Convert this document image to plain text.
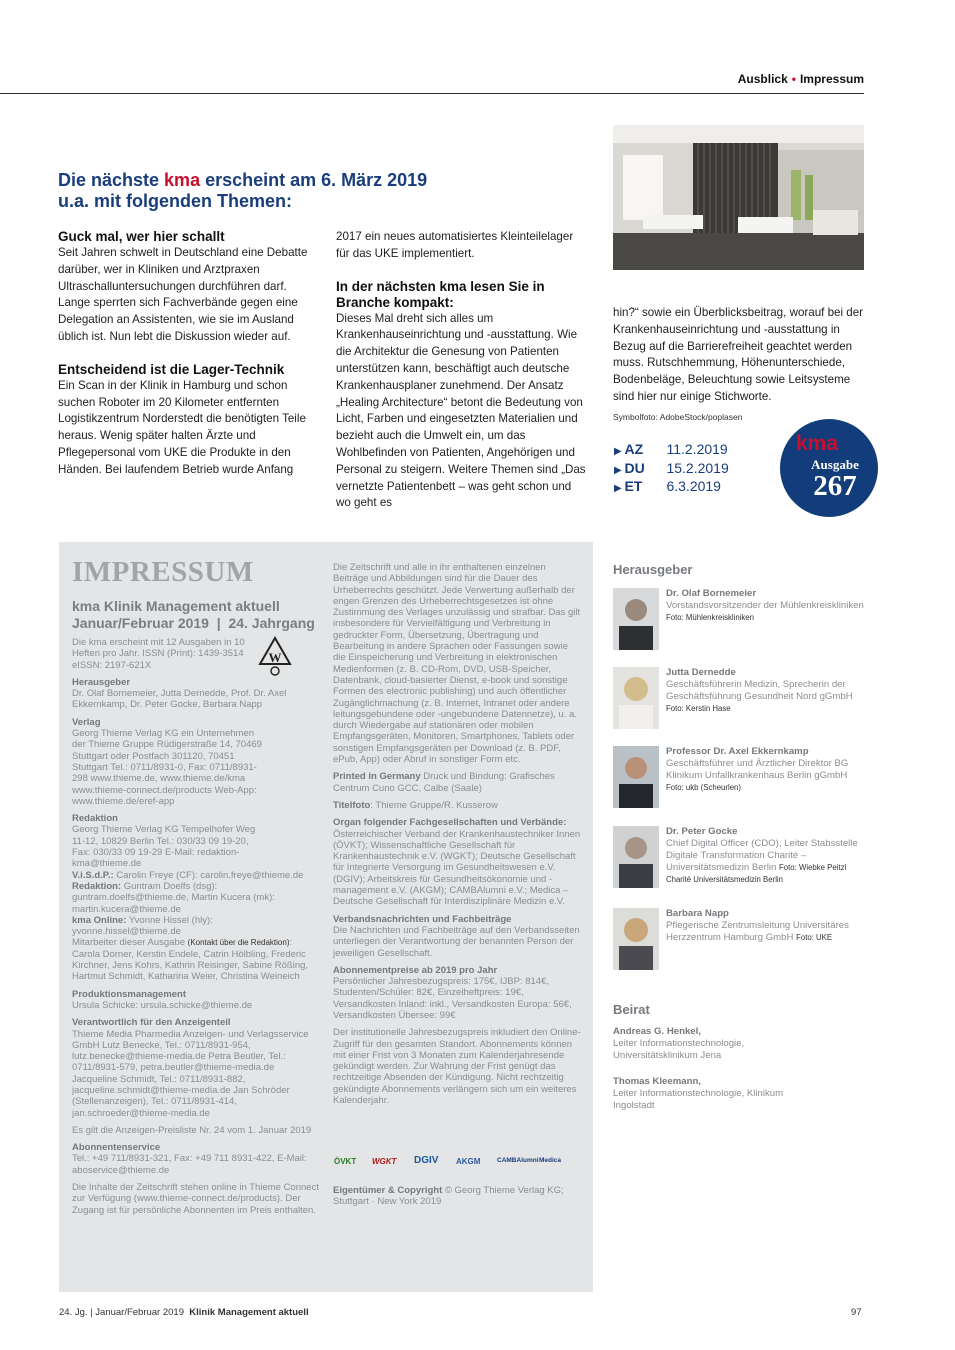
Ausblick • Impressum
Die nächste kma erscheint am 6. März 2019
u.a. mit folgenden Themen:
Guck mal, wer hier schallt

Seit Jahren schwelt in Deutschland eine Debatte darüber, wer in Kliniken und Arztpraxen Ultraschalluntersuchungen durchführen darf. Lange sperrten sich Fachverbände gegen eine Delegation an Assistenten, wie sie im Ausland üblich ist. Nun lebt die Diskussion wieder auf.

Entscheidend ist die Lager-Technik

Ein Scan in der Klinik in Hamburg und schon suchen Roboter im 20 Kilometer entfernten Logistikzentrum Norderstedt die benötigten Teile heraus. Wenig später halten Ärzte und Pflegepersonal vom UKE die Produkte in den Händen. Bei laufendem Betrieb wurde Anfang

2017 ein neues automatisiertes Kleinteilelager für das UKE implementiert.

In der nächsten kma lesen Sie in Branche kompakt:

Dieses Mal dreht sich alles um Krankenhauseinrichtung und -ausstattung. Wie die Architektur die Genesung von Patienten unterstützen kann, beschäftigt auch deutsche Krankenhausplaner zunehmend. Der Ansatz „Healing Architecture“ betont die Bedeutung von Licht, Farben und eingesetzten Materialien und bezieht auch die Umwelt ein, um das Wohlbefinden von Patienten, Angehörigen und Personal zu steigern. Weitere Themen sind „Das vernetzte Patientenbett – was geht schon und wo geht es

hin?“ sowie ein Überblicksbeitrag, worauf bei der Krankenhauseinrichtung und -ausstattung in Bezug auf die Barrierefreiheit geachtet werden muss. Rutschhemmung, Höhenunterschiede, Bodenbeläge, Beleuchtung sowie Leitsysteme sind hier nur einige Stichworte.

Symbolfoto: AdobeStock/poplasen
▶ AZ 11.2.2019
▶ DU 15.2.2019
▶ ET 6.3.2019
kma
Ausgabe
267
IMPRESSUM
kma Klinik Management aktuell
Januar/Februar 2019 | 24. Jahrgang
W

Die kma erscheint mit 12 Ausgaben in 10 Heften pro Jahr. ISSN (Print): 1439-3514 eISSN: 2197-621X

Herausgeber

Dr. Olaf Bornemeier, Jutta Dernedde, Prof. Dr. Axel Ekkernkamp, Dr. Peter Gocke, Barbara Napp

Verlag

Georg Thieme Verlag KG ein Unternehmen der Thieme Gruppe Rüdigerstraße 14, 70469 Stuttgart oder Postfach 301120, 70451 Stuttgart Tel.: 0711/8931-0, Fax: 0711/8931-298 www.thieme.de, www.thieme.de/kma www.thieme-connect.de/products Web-App: www.thieme.de/eref-app

Redaktion

Georg Thieme Verlag KG Tempelhofer Weg 11-12, 10829 Berlin Tel.: 030/33 09 19-20, Fax: 030/33 09 19-29 E-Mail: redaktion-kma@thieme.de

V.i.S.d.P.: Carolin Freye (CF): carolin.freye@thieme.de

Redaktion: Guntram Doelfs (dsg): guntram.doelfs@thieme.de, Martin Kucera (mk): martin.kucera@thieme.de

kma Online: Yvonne Hissel (hly): yvonne.hissel@thieme.de

Mitarbeiter dieser Ausgabe (Kontakt über die Redaktion): Carola Dorner, Kerstin Endele, Catrin Hölbling, Frederic Kirchner, Jens Kohrs, Kathrin Reisinger, Sabine Rößing, Hartmut Schmidt, Katharina Weier, Christina Weineich

Produktionsmanagement

Ursula Schicke: ursula.schicke@thieme.de

Verantwortlich für den Anzeigenteil

Thieme Media Pharmedia Anzeigen- und Verlagsservice GmbH Lutz Benecke, Tel.: 0711/8931-954, lutz.benecke@thieme-media.de Petra Beutler, Tel.: 0711/8931-579, petra.beutler@thieme-media.de Jacqueline Schmidt, Tel.: 0711/8931-882, jacqueline.schmidt@thieme-media.de Jan Schröder (Stellenanzeigen), Tel.: 0711/8931-414, jan.schroeder@thieme-media.de

Es gilt die Anzeigen-Preisliste Nr. 24 vom 1. Januar 2019

Abonnentenservice

Tel.: +49 711/8931-321, Fax: +49 711 8931-422, E-Mail: aboservice@thieme.de

Die Inhalte der Zeitschrift stehen online in Thieme Connect zur Verfügung (www.thieme-connect.de/products). Der Zugang ist für persönliche Abonnenten im Preis enthalten.

Die Zeitschrift und alle in ihr enthaltenen einzelnen Beiträge und Abbildungen sind für die Dauer des Urheberrechts geschützt. Jede Verwertung außerhalb der engen Grenzen des Urheberrechtsgesetzes ist ohne Zustimmung des Verlages unzulässig und strafbar. Das gilt insbesondere für Vervielfältigung und Verbreitung in gedruckter Form, Übersetzung, Übertragung und Bearbeitung in andere Sprachen oder Fassungen sowie die Einspeicherung und Verbreitung in elektronischen Medienformen (z. B. CD-Rom, DVD, USB-Speicher, Datenbank, cloud-basierter Dienst, e-book und sonstige Formen des electronic publishing) und auch öffentlicher Zugänglichmachung (z. B. Internet, Intranet oder andere leitungsgebundene oder -ungebundene Datennetze), u. a. durch Wiedergabe auf stationären oder mobilen Empfangsgeräten, Monitoren, Smartphones, Tablets oder sonstigen Empfangsgeräten per Download (z. B. PDF, ePub, App) oder Abruf in sonstiger Form etc.

Printed in Germany Druck und Bindung: Grafisches Centrum Cuno GCC, Calbe (Saale)

Titelfoto: Thieme Gruppe/R. Kusserow

Organ folgender Fachgesellschaften und Verbände: Österreichischer Verband der Krankenhaustechniker Innen (ÖVKT); Wissenschaftliche Gesellschaft für Krankenhaustechnik e.V. (WGKT); Deutsche Gesellschaft für Integrierte Versorgung im Gesundheitswesen e.V. (DGIV); Arbeitskreis für Gesundheitsökonomie und -management e.V. (AKGM); CAMBAlumni e.V.; Medica – Deutsche Gesellschaft für Interdisziplinäre Medizin e.V.

Verbandsnachrichten und Fachbeiträge

Die Nachrichten und Fachbeiträge auf den Verbandsseiten unterliegen der Verantwortung der benannten Person der jeweiligen Gesellschaft.

Abonnementpreise ab 2019 pro Jahr

Persönlicher Jahresbezugspreis: 175€, IJBP: 814€, Studenten/Schüler: 82€, Einzelheftpreis: 19€, Versandkosten Inland: inkl., Versandkosten Europa: 56€, Versandkosten Übersee: 99€

Der institutionelle Jahresbezugspreis inkludiert den Online-Zugriff für den gesamten Standort. Abonnements können mit einer Frist von 3 Monaten zum Kalenderjahresende gekündigt werden. Zur Wahrung der Frist genügt das rechtzeitige Absenden der Kündigung. Nicht rechtzeitig gekündigte Abonnements verlängern sich um ein weiteres Kalenderjahr.

ÖVKT WGKT DGIV AKGM	CAMBAlumni Medica

Eigentümer & Copyright © Georg Thieme Verlag KG; Stuttgart · New York 2019

Herausgeber
Dr. Olaf Bornemeier
Vorstandsvorsitzender der Mühlenkreiskliniken Foto: Mühlenkreiskliniken
Jutta Dernedde
Geschäftsführerin Medizin, Sprecherin der Geschäftsführung Gesundheit Nord gGmbH Foto: Kerstin Hase
Professor Dr. Axel Ekkernkamp
Geschäftsführer und Ärztlicher Direktor BG Klinikum Unfallkrankenhaus Berlin gGmbH Foto: ukb (Scheurlen)
Dr. Peter Gocke
Chief Digital Officer (CDO), Leiter Stabsstelle Digitale Transformation Charité – Universitätsmedizin Berlin Foto: Wiebke Peitzl Charité Universitätsmedizin Berlin
Barbara Napp
Pflegerische Zentrumsleitung Universitäres Herzzentrum Hamburg GmbH Foto: UKE
Beirat
Andreas G. Henkel,
Leiter Informationstechnologie, Universitätsklinikum Jena
Thomas Kleemann,
Leiter Informationstechnologie, Klinikum Ingolstadt
24. Jg. | Januar/Februar 2019 Klinik Management aktuell	97
